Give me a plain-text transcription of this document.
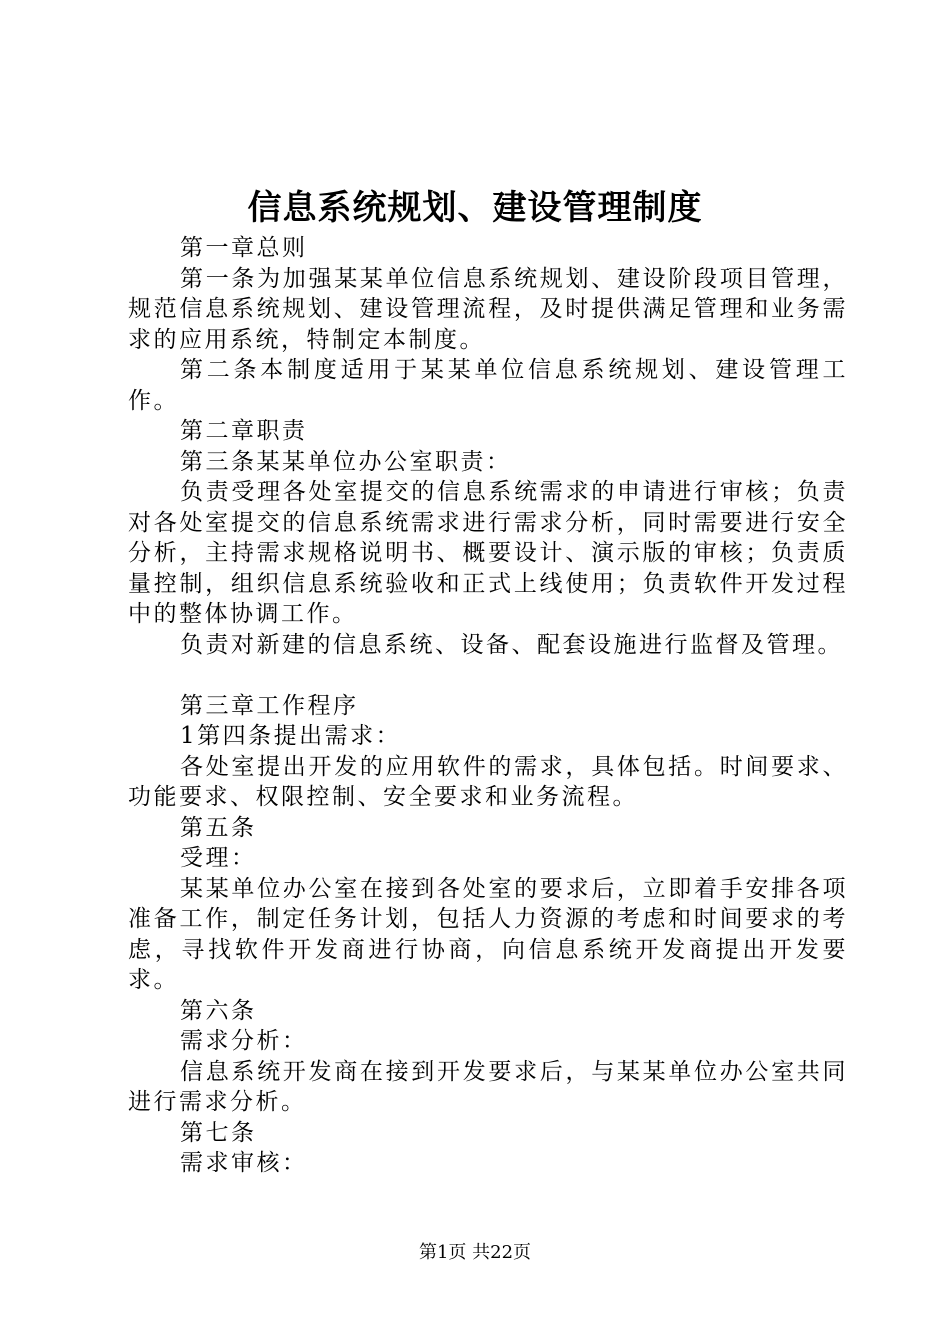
信息系统规划、建设管理制度

第一章总则

第一条为加强某某单位信息系统规划、建设阶段项目管理，规范信息系统规划、建设管理流程，及时提供满足管理和业务需求的应用系统，特制定本制度。

第二条本制度适用于某某单位信息系统规划、建设管理工作。

第二章职责

第三条某某单位办公室职责：

负责受理各处室提交的信息系统需求的申请进行审核；负责对各处室提交的信息系统需求进行需求分析，同时需要进行安全分析，主持需求规格说明书、概要设计、演示版的审核；负责质量控制，组织信息系统验收和正式上线使用；负责软件开发过程中的整体协调工作。

负责对新建的信息系统、设备、配套设施进行监督及管理。

第三章工作程序

1第四条提出需求：

各处室提出开发的应用软件的需求，具体包括。时间要求、功能要求、权限控制、安全要求和业务流程。

第五条

受理：

某某单位办公室在接到各处室的要求后，立即着手安排各项准备工作，制定任务计划，包括人力资源的考虑和时间要求的考虑，寻找软件开发商进行协商，向信息系统开发商提出开发要求。

第六条

需求分析：

信息系统开发商在接到开发要求后，与某某单位办公室共同进行需求分析。

第七条

需求审核：

第1页 共22页
